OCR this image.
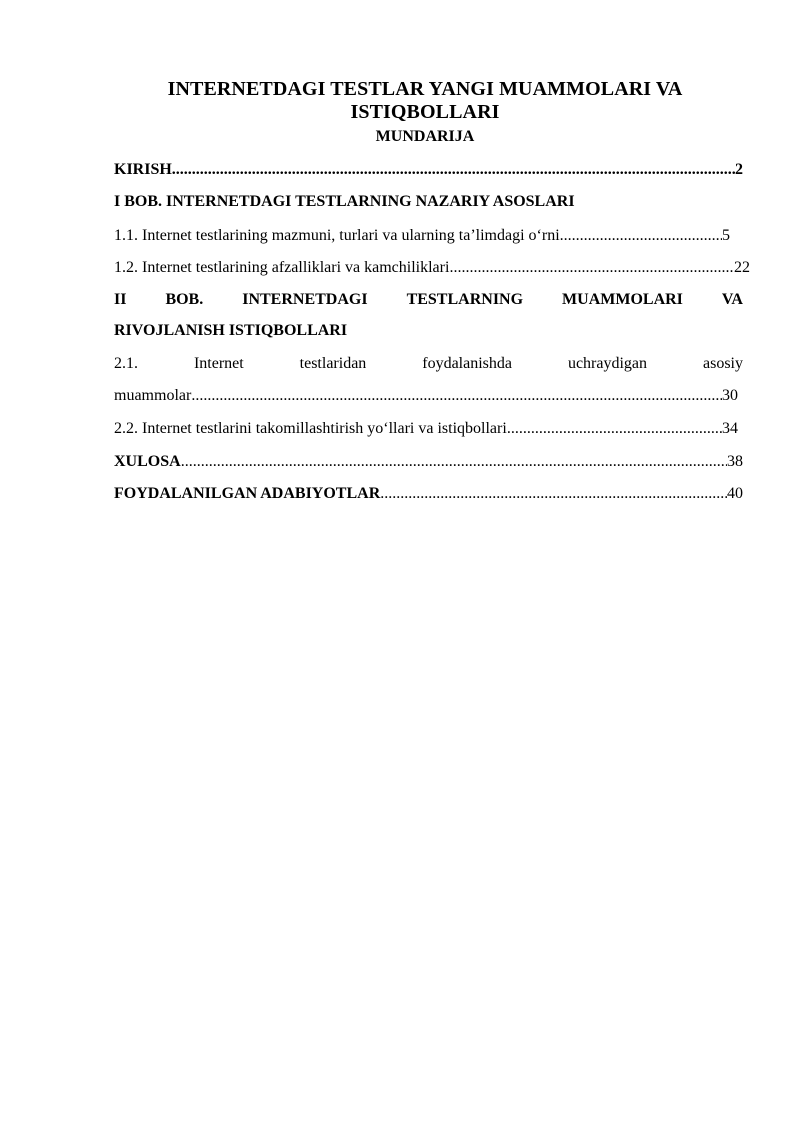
INTERNETDAGI TESTLAR YANGI MUAMMOLARI VA
ISTIQBOLLARI
MUNDARIJA
KIRISH .....	2
I BOB. INTERNETDAGI TESTLARNING NAZARIY ASOSLARI
1.1. Internet testlarining mazmuni, turlari va ularning ta’limdagi o‘rni .....	5
1.2. Internet testlarining afzalliklari va kamchiliklari .....	22
II BOB. INTERNETDAGI TESTLARNING MUAMMOLARI VA
RIVOJLANISH ISTIQBOLLARI
2.1.	Internet	testlaridan	foydalanishda	uchraydigan	asosiy
muammolar .....	30
2.2. Internet testlarini takomillashtirish yo‘llari va istiqbollari .....	34
XULOSA .....	38
FOYDALANILGAN ADABIYOTLAR .....	40
